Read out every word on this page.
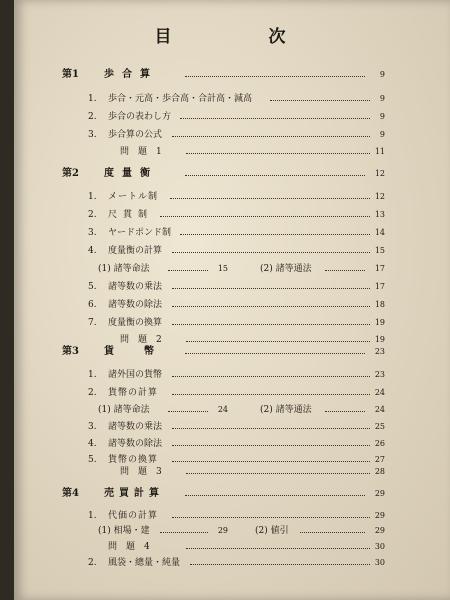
目　次
第1	歩合算	9
1. 歩合・元高・歩合高・合計高・減高	9
2. 歩合の表わし方	9
3. 歩合算の公式	9
問　題　1	11
第2	度量衡	12
1. メートル制	12
2. 尺貫制	13
3. ヤードポンド制	14
4. 度量衡の計算	15
(1) 諸等命法	15	(2) 諸等通法	17
5. 諸等数の乗法	17
6. 諸等数の除法	18
7. 度量衡の換算	19
問　題　2	19
第3	貨幣	23
1. 諸外国の貨幣	23
2. 貨幣の計算	24
(1) 諸等命法	24	(2) 諸等通法	24
3. 諸等数の乗法	25
4. 諸等数の除法	26
5. 貨幣の換算	27
問　題　3	28
第4	売買計算	29
1. 代価の計算	29
(1) 相場・建	29	(2) 値引	29
問　題　4	30
2. 風袋・總量・純量	30
